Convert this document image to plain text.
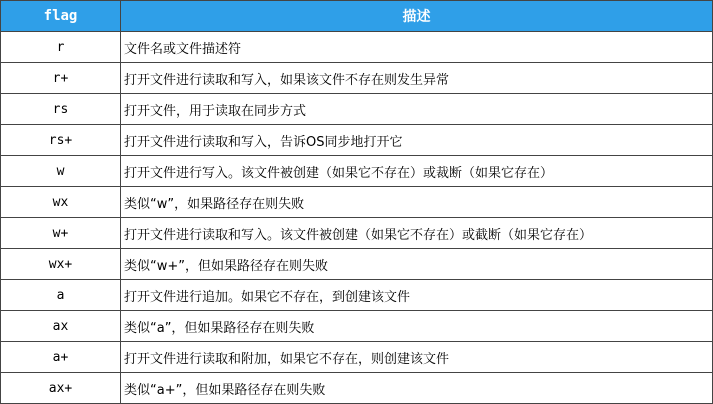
flag	描述
r	文件名或文件描述符
r+	打开文件进行读取和写入，如果该文件不存在则发生异常
rs	打开文件，用于读取在同步方式
rs+	打开文件进行读取和写入，告诉OS同步地打开它
w	打开文件进行写入。该文件被创建（如果它不存在）或裁断（如果它存在）
wx	类似“w”，如果路径存在则失败
w+	打开文件进行读取和写入。该文件被创建（如果它不存在）或截断（如果它存在）
wx+	类似“w+”，但如果路径存在则失败
a	打开文件进行追加。如果它不存在，到创建该文件
ax	类似“a”，但如果路径存在则失败
a+	打开文件进行读取和附加，如果它不存在，则创建该文件
ax+	类似“a+”，但如果路径存在则失败
